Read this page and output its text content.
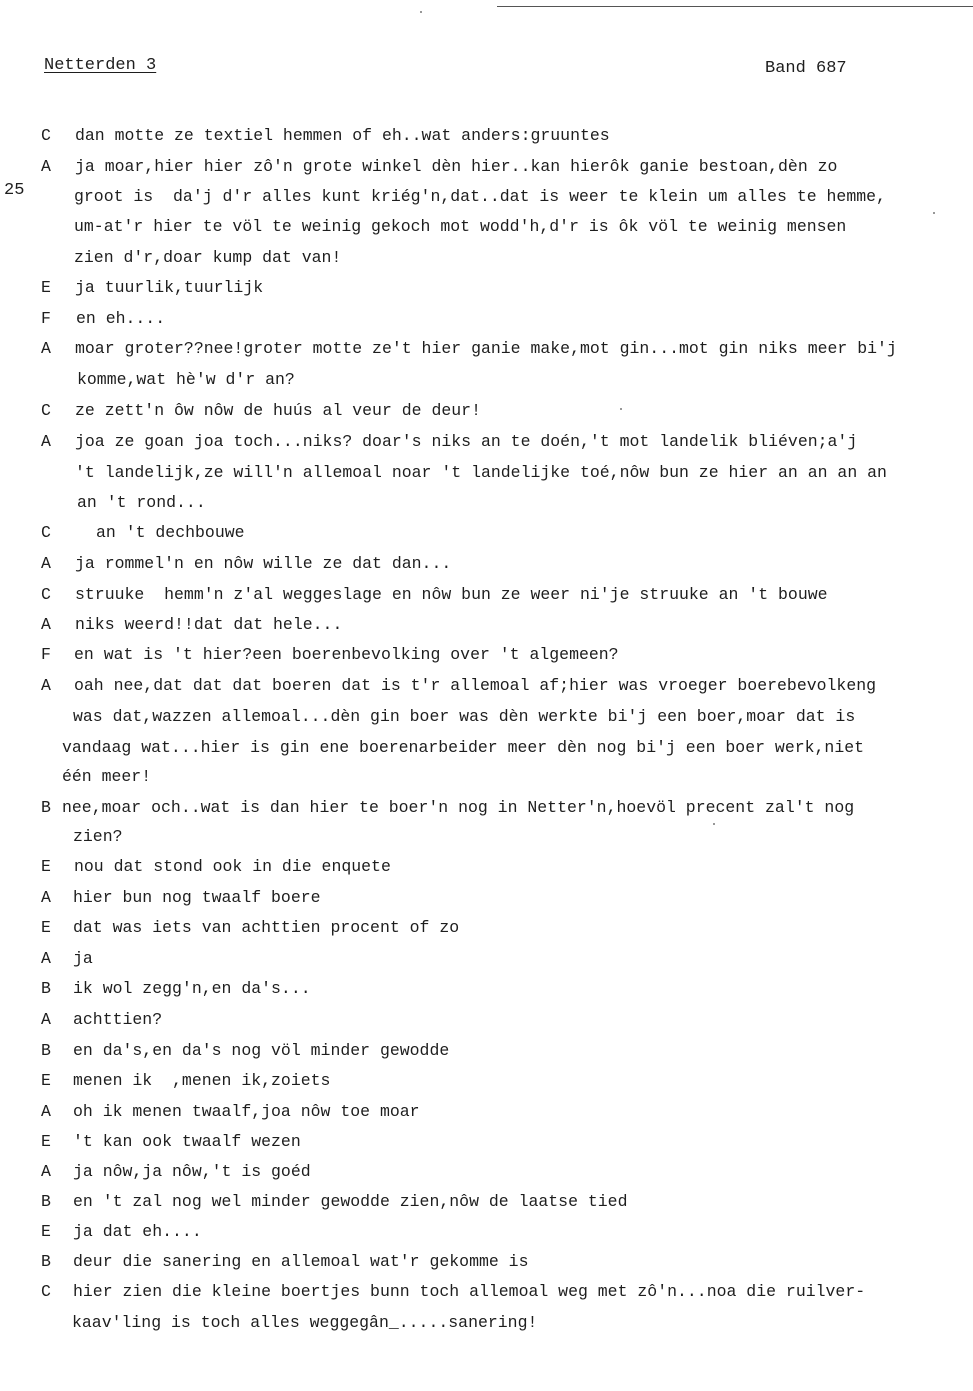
Netterden 3	Band 687
25
C dan motte ze textiel hemmen of eh..wat anders:gruuntes
A ja moar,hier hier zô'n grote winkel dèn hier..kan hierôk ganie bestoan,dèn zo
groot is  da'j d'r alles kunt kriég'n,dat..dat is weer te klein um alles te hemme,
um-at'r hier te völ te weinig gekoch mot wodd'h,d'r is ôk völ te weinig mensen
zien d'r,doar kump dat van!
E ja tuurlik,tuurlijk
F en eh....
A moar groter??nee!groter motte ze't hier ganie make,mot gin...mot gin niks meer bi'j
komme,wat hè'w d'r an?
C ze zett'n ôw nôw de huús al veur de deur!
A joa ze goan joa toch...niks? doar's niks an te doén,'t mot landelik bliéven;a'j
't landelijk,ze will'n allemoal noar 't landelijke toé,nôw bun ze hier an an an an
an 't rond...
C	an 't dechbouwe
A ja rommel'n en nôw wille ze dat dan...
C struuke  hemm'n z'al weggeslage en nôw bun ze weer ni'je struuke an 't bouwe
A niks weerd!!dat dat hele...
F en wat is 't hier?een boerenbevolking over 't algemeen?
A oah nee,dat dat dat boeren dat is t'r allemoal af;hier was vroeger boerebevolkeng
was dat,wazzen allemoal...dèn gin boer was dèn werkte bi'j een boer,moar dat is
vandaag wat...hier is gin ene boerenarbeider meer dèn nog bi'j een boer werk,niet
één meer!
B nee,moar och..wat is dan hier te boer'n nog in Netter'n,hoevöl precent zal't nog
zien?
E nou dat stond ook in die enquete
A hier bun nog twaalf boere
E dat was iets van achttien procent of zo
A ja
B ik wol zegg'n,en da's...
A achttien?
B en da's,en da's nog völ minder gewodde
E menen ik  ,menen ik,zoiets
A oh ik menen twaalf,joa nôw toe moar
E 't kan ook twaalf wezen
A ja nôw,ja nôw,'t is goéd
B en 't zal nog wel minder gewodde zien,nôw de laatse tied
E ja dat eh....
B deur die sanering en allemoal wat'r gekomme is
C hier zien die kleine boertjes bunn toch allemoal weg met zô'n...noa die ruilver-
kaav'ling is toch alles weggegân_.....sanering!
